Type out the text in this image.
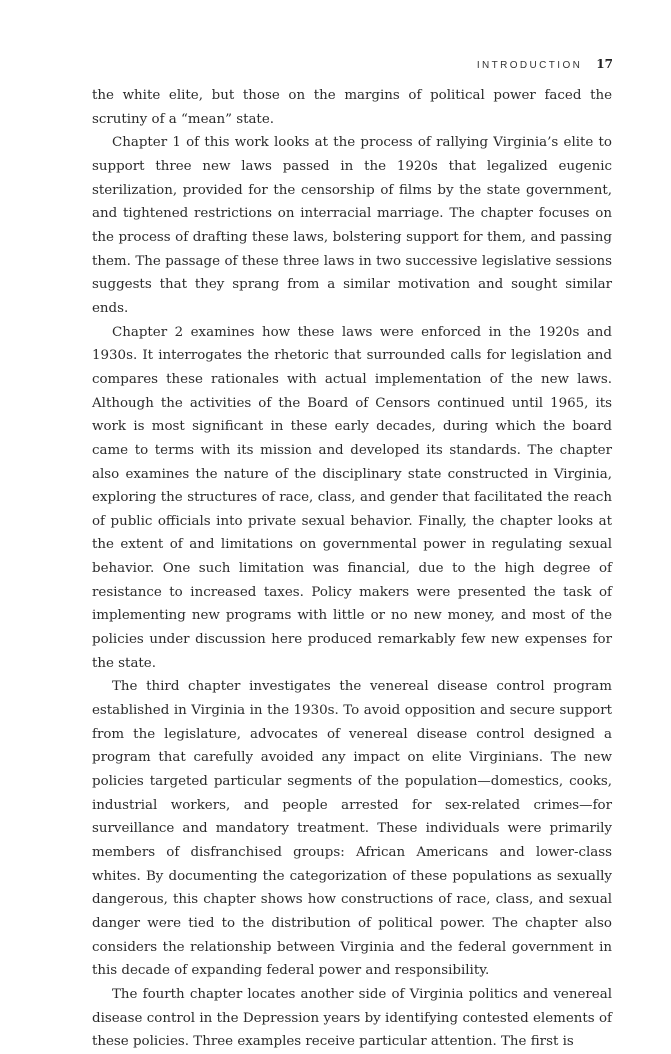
INTRODUCTION 17

the white elite, but those on the margins of political power faced the scrutiny of a “mean” state.

Chapter 1 of this work looks at the process of rallying Virginia’s elite to support three new laws passed in the 1920s that legalized eugenic sterilization, provided for the censorship of films by the state government, and tightened restrictions on interracial marriage. The chapter focuses on the process of drafting these laws, bolstering support for them, and passing them. The passage of these three laws in two successive legislative sessions suggests that they sprang from a similar motivation and sought similar ends.

Chapter 2 examines how these laws were enforced in the 1920s and 1930s. It interrogates the rhetoric that surrounded calls for legislation and compares these rationales with actual implementation of the new laws. Although the activities of the Board of Censors continued until 1965, its work is most significant in these early decades, during which the board came to terms with its mission and developed its standards. The chapter also examines the nature of the disciplinary state constructed in Virginia, exploring the structures of race, class, and gender that facilitated the reach of public officials into private sexual behavior. Finally, the chapter looks at the extent of and limitations on governmental power in regulating sexual behavior. One such limitation was financial, due to the high degree of resistance to increased taxes. Policy makers were presented the task of implementing new programs with little or no new money, and most of the policies under discussion here produced remarkably few new expenses for the state.

The third chapter investigates the venereal disease control program established in Virginia in the 1930s. To avoid opposition and secure support from the legislature, advocates of venereal disease control designed a program that carefully avoided any impact on elite Virginians. The new policies targeted particular segments of the population—domestics, cooks, industrial workers, and people arrested for sex-related crimes—for surveillance and mandatory treatment. These individuals were primarily members of disfranchised groups: African Americans and lower-class whites. By documenting the categorization of these populations as sexually dangerous, this chapter shows how constructions of race, class, and sexual danger were tied to the distribution of political power. The chapter also considers the relationship between Virginia and the federal government in this decade of expanding federal power and responsibility.

The fourth chapter locates another side of Virginia politics and venereal disease control in the Depression years by identifying contested elements of these policies. Three examples receive particular attention. The first is
